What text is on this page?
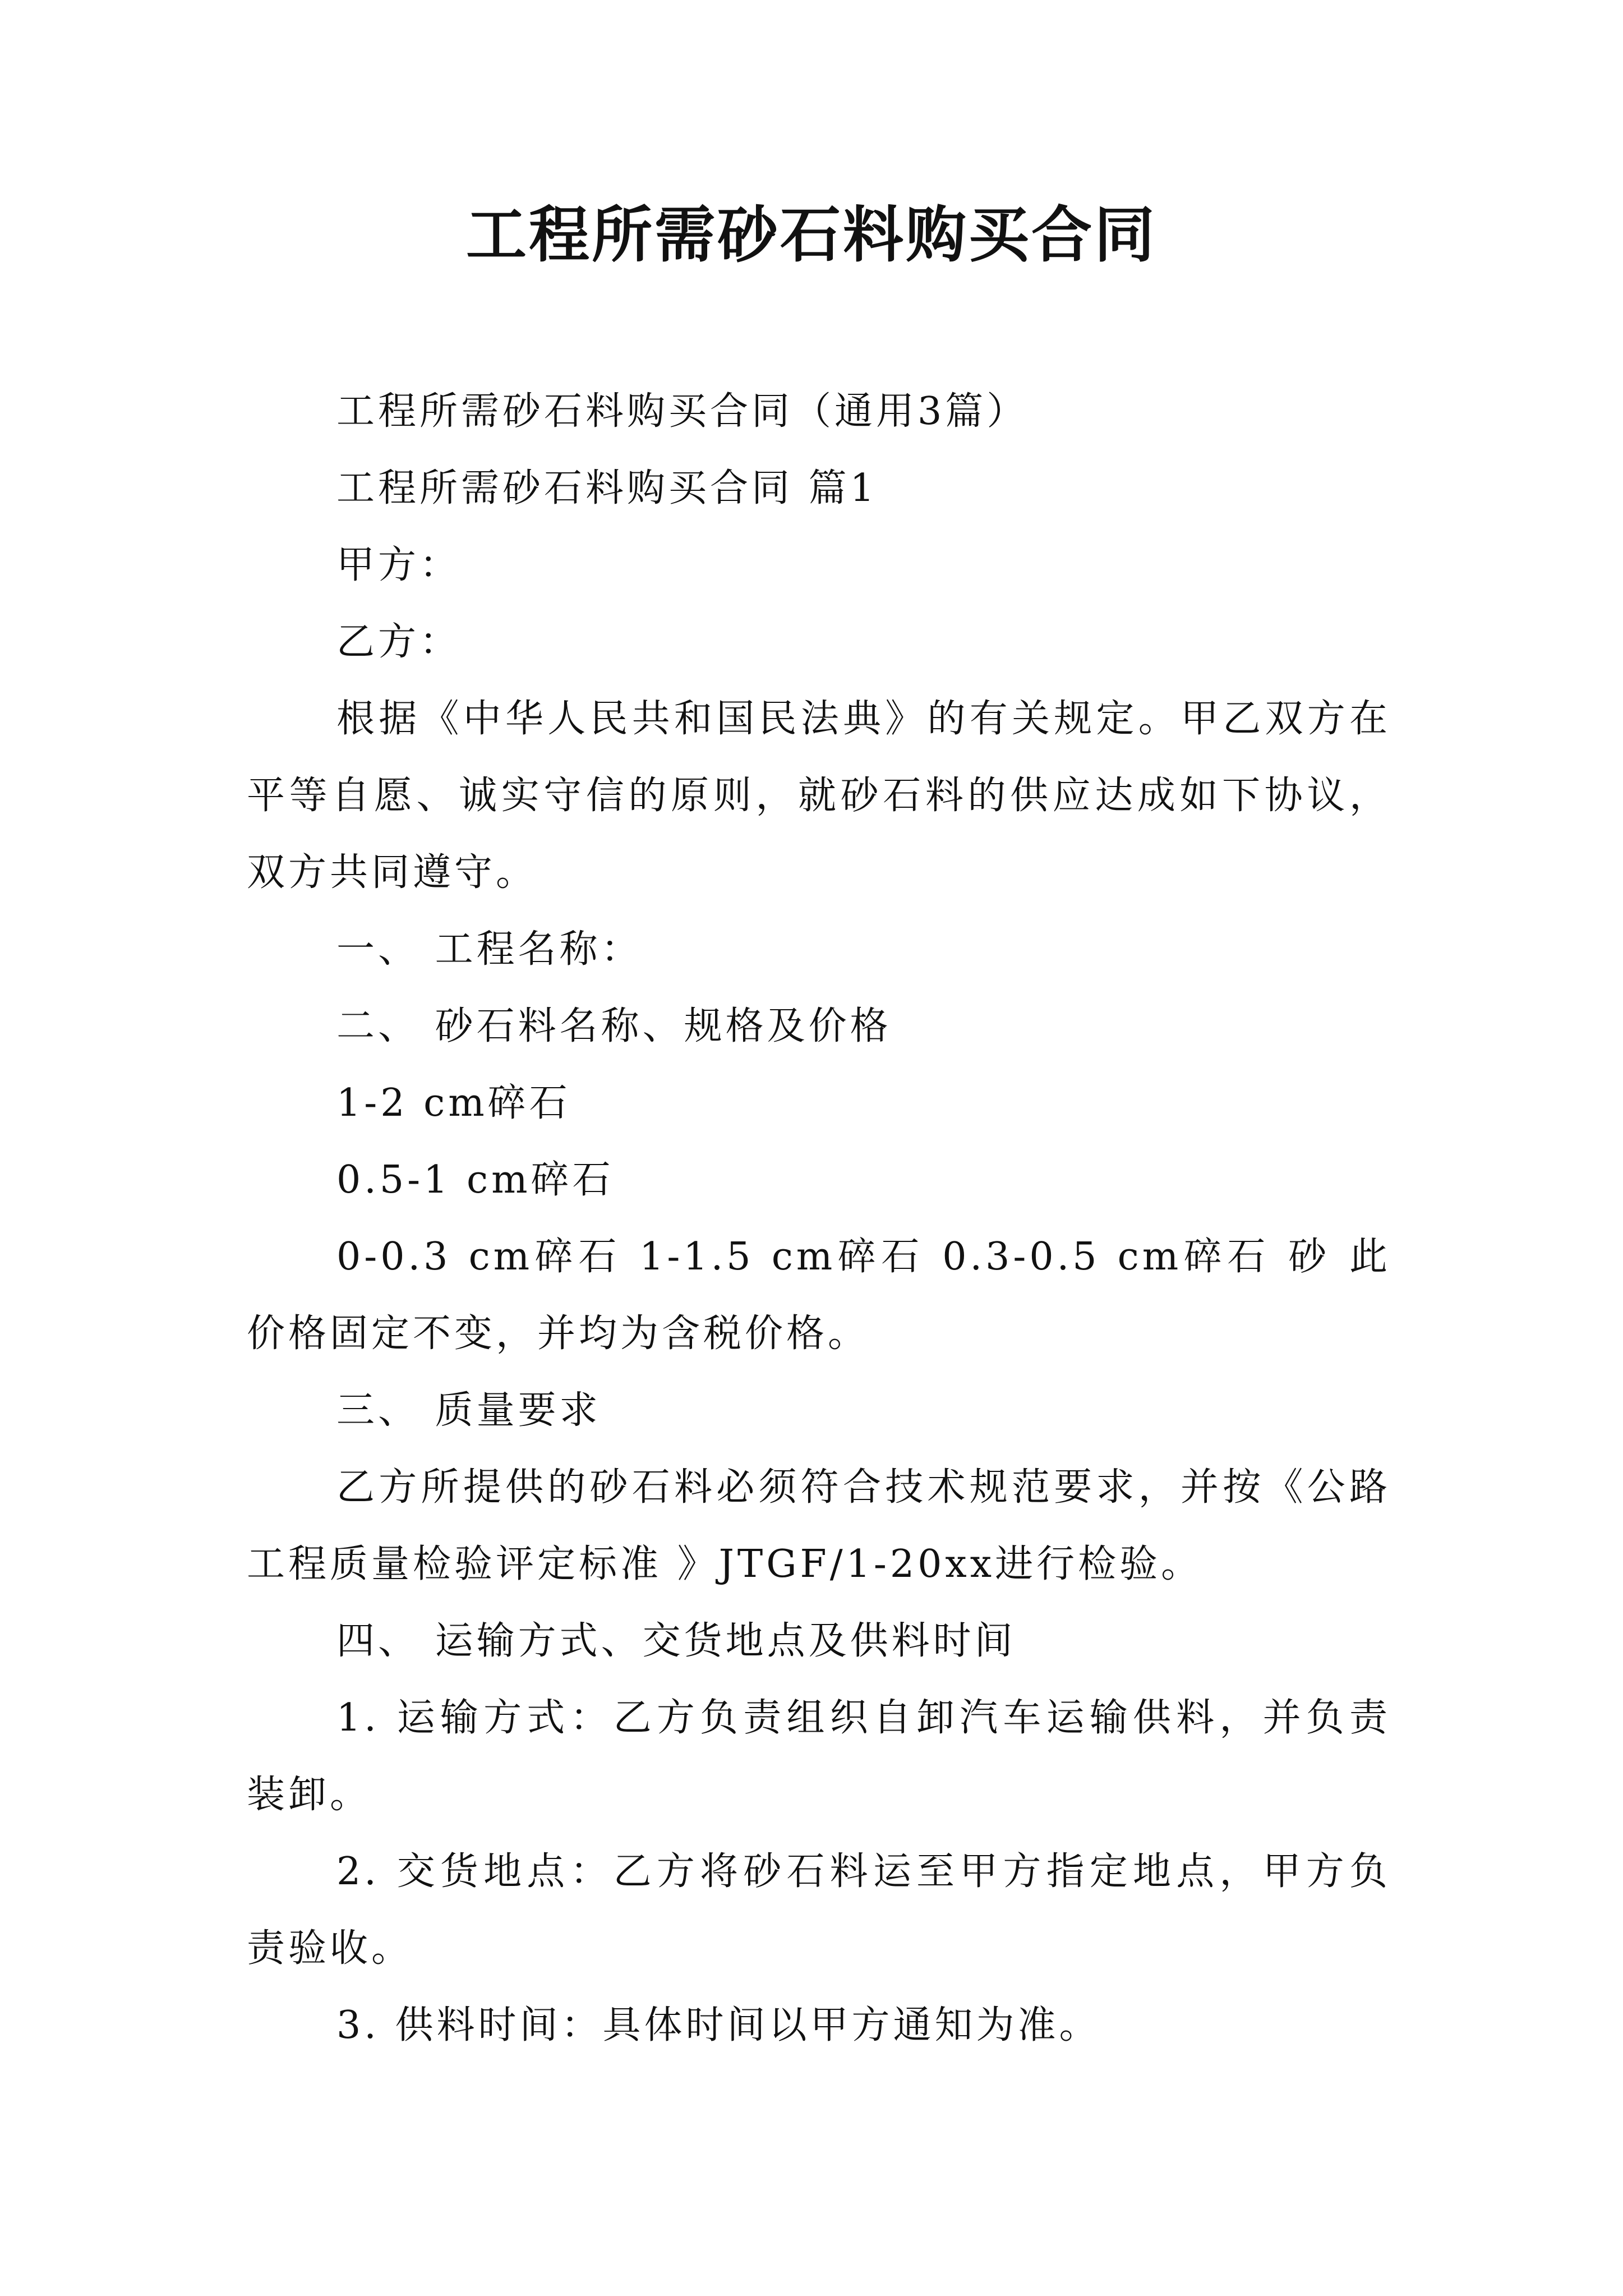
工程所需砂石料购买合同

工程所需砂石料购买合同（通用3篇）

工程所需砂石料购买合同 篇1

甲方：

乙方：

根据《中华人民共和国民法典》的有关规定。甲乙双方在平等自愿、诚实守信的原则，就砂石料的供应达成如下协议，双方共同遵守。

一、 工程名称：

二、 砂石料名称、规格及价格

1-2 cm碎石

0.5-1 cm碎石

0-0.3 cm碎石 1-1.5 cm碎石 0.3-0.5 cm碎石 砂 此价格固定不变，并均为含税价格。

三、 质量要求

乙方所提供的砂石料必须符合技术规范要求，并按《公路工程质量检验评定标准 》JTGF/1-20xx进行检验。

四、 运输方式、交货地点及供料时间

1. 运输方式：乙方负责组织自卸汽车运输供料，并负责装卸。

2. 交货地点：乙方将砂石料运至甲方指定地点，甲方负责验收。

3. 供料时间：具体时间以甲方通知为准。
